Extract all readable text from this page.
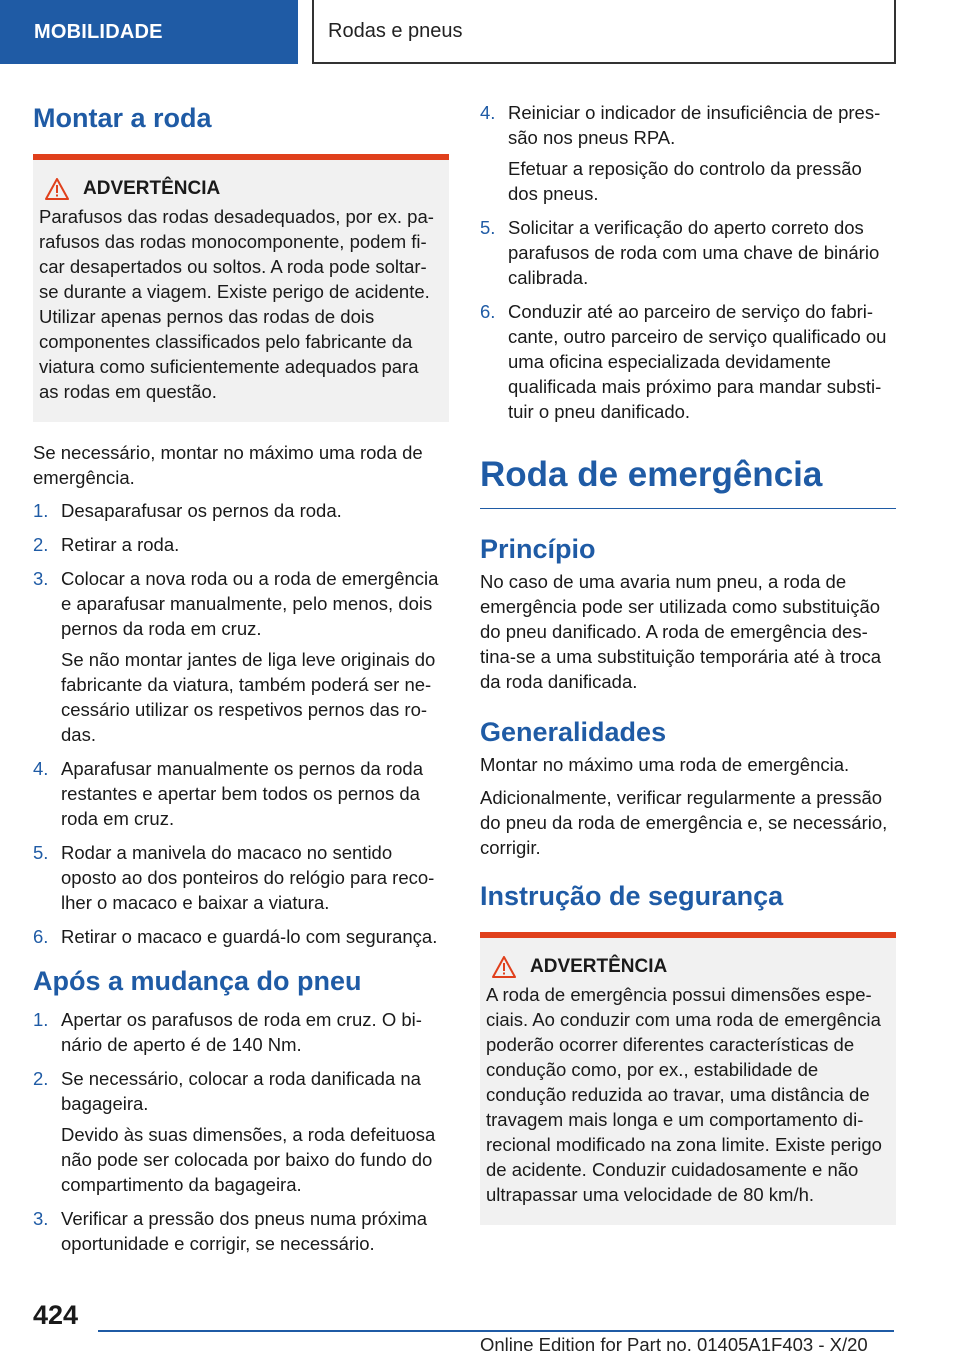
MOBILIDADE	Rodas e pneus
Montar a roda
ADVERTÊNCIA

Parafusos das rodas desadequados, por ex. parafusos das rodas monocomponente, podem ficar desapertados ou soltos. A roda pode soltar-se durante a viagem. Existe perigo de acidente. Utilizar apenas pernos das rodas de dois componentes classificados pelo fabricante da viatura como suficientemente adequados para as rodas em questão.

Se necessário, montar no máximo uma roda de emergência.

1. Desaparafusar os pernos da roda.
2. Retirar a roda.
3. Colocar a nova roda ou a roda de emergência e aparafusar manualmente, pelo menos, dois pernos da roda em cruz.
Se não montar jantes de liga leve originais do fabricante da viatura, também poderá ser necessário utilizar os respetivos pernos das rodas.
4. Aparafusar manualmente os pernos da roda restantes e apertar bem todos os pernos da roda em cruz.
5. Rodar a manivela do macaco no sentido oposto ao dos ponteiros do relógio para recolher o macaco e baixar a viatura.
6. Retirar o macaco e guardá-lo com segurança.
Após a mudança do pneu
1. Apertar os parafusos de roda em cruz. O binário de aperto é de 140 Nm.
2. Se necessário, colocar a roda danificada na bagageira.
Devido às suas dimensões, a roda defeituosa não pode ser colocada por baixo do fundo do compartimento da bagageira.
3. Verificar a pressão dos pneus numa próxima oportunidade e corrigir, se necessário.
4. Reiniciar o indicador de insuficiência de pressão nos pneus RPA.
Efetuar a reposição do controlo da pressão dos pneus.
5. Solicitar a verificação do aperto correto dos parafusos de roda com uma chave de binário calibrada.
6. Conduzir até ao parceiro de serviço do fabricante, outro parceiro de serviço qualificado ou uma oficina especializada devidamente qualificada mais próximo para mandar substituir o pneu danificado.
Roda de emergência
Princípio

No caso de uma avaria num pneu, a roda de emergência pode ser utilizada como substituição do pneu danificado. A roda de emergência destina-se a uma substituição temporária até à troca da roda danificada.

Generalidades

Montar no máximo uma roda de emergência.

Adicionalmente, verificar regularmente a pressão do pneu da roda de emergência e, se necessário, corrigir.

Instrução de segurança
ADVERTÊNCIA

A roda de emergência possui dimensões especiais. Ao conduzir com uma roda de emergência poderão ocorrer diferentes características de condução como, por ex., estabilidade de condução reduzida ao travar, uma distância de travagem mais longa e um comportamento direcional modificado na zona limite. Existe perigo de acidente. Conduzir cuidadosamente e não ultrapassar uma velocidade de 80 km/h.

424
Online Edition for Part no. 01405A1F403 - X/20
